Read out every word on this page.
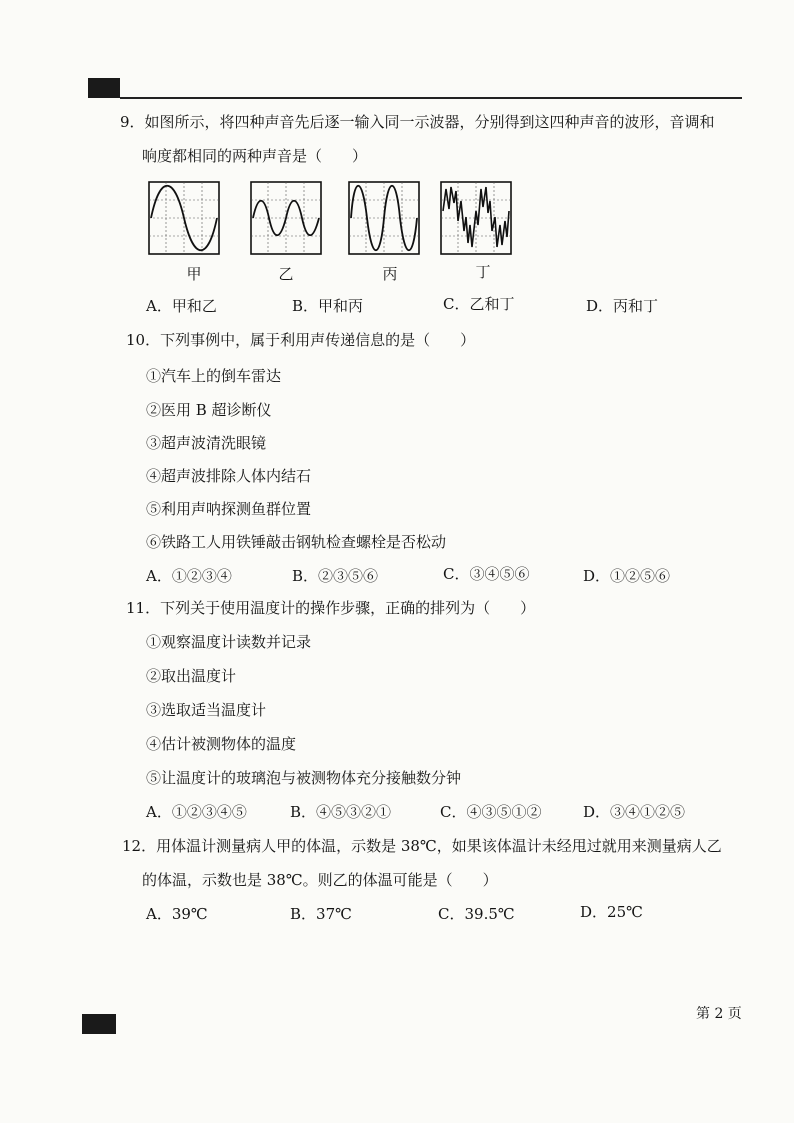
9．如图所示，将四种声音先后逐一输入同一示波器，分别得到这四种声音的波形，音调和
响度都相同的两种声音是（　　）
甲	乙	丙	丁
A．甲和乙	B．甲和丙	C．乙和丁	D．丙和丁
10．下列事例中，属于利用声传递信息的是（　　）
①汽车上的倒车雷达
②医用 B 超诊断仪
③超声波清洗眼镜
④超声波排除人体内结石
⑤利用声呐探测鱼群位置
⑥铁路工人用铁锤敲击钢轨检查螺栓是否松动
A．①②③④	B．②③⑤⑥	C．③④⑤⑥	D．①②⑤⑥
11．下列关于使用温度计的操作步骤，正确的排列为（　　）
①观察温度计读数并记录
②取出温度计
③选取适当温度计
④估计被测物体的温度
⑤让温度计的玻璃泡与被测物体充分接触数分钟
A．①②③④⑤	B．④⑤③②①	C．④③⑤①②	D．③④①②⑤
12．用体温计测量病人甲的体温，示数是 38℃，如果该体温计未经甩过就用来测量病人乙
的体温，示数也是 38℃。则乙的体温可能是（　　）
A．39℃	B．37℃	C．39.5℃	D．25℃
第 2 页
